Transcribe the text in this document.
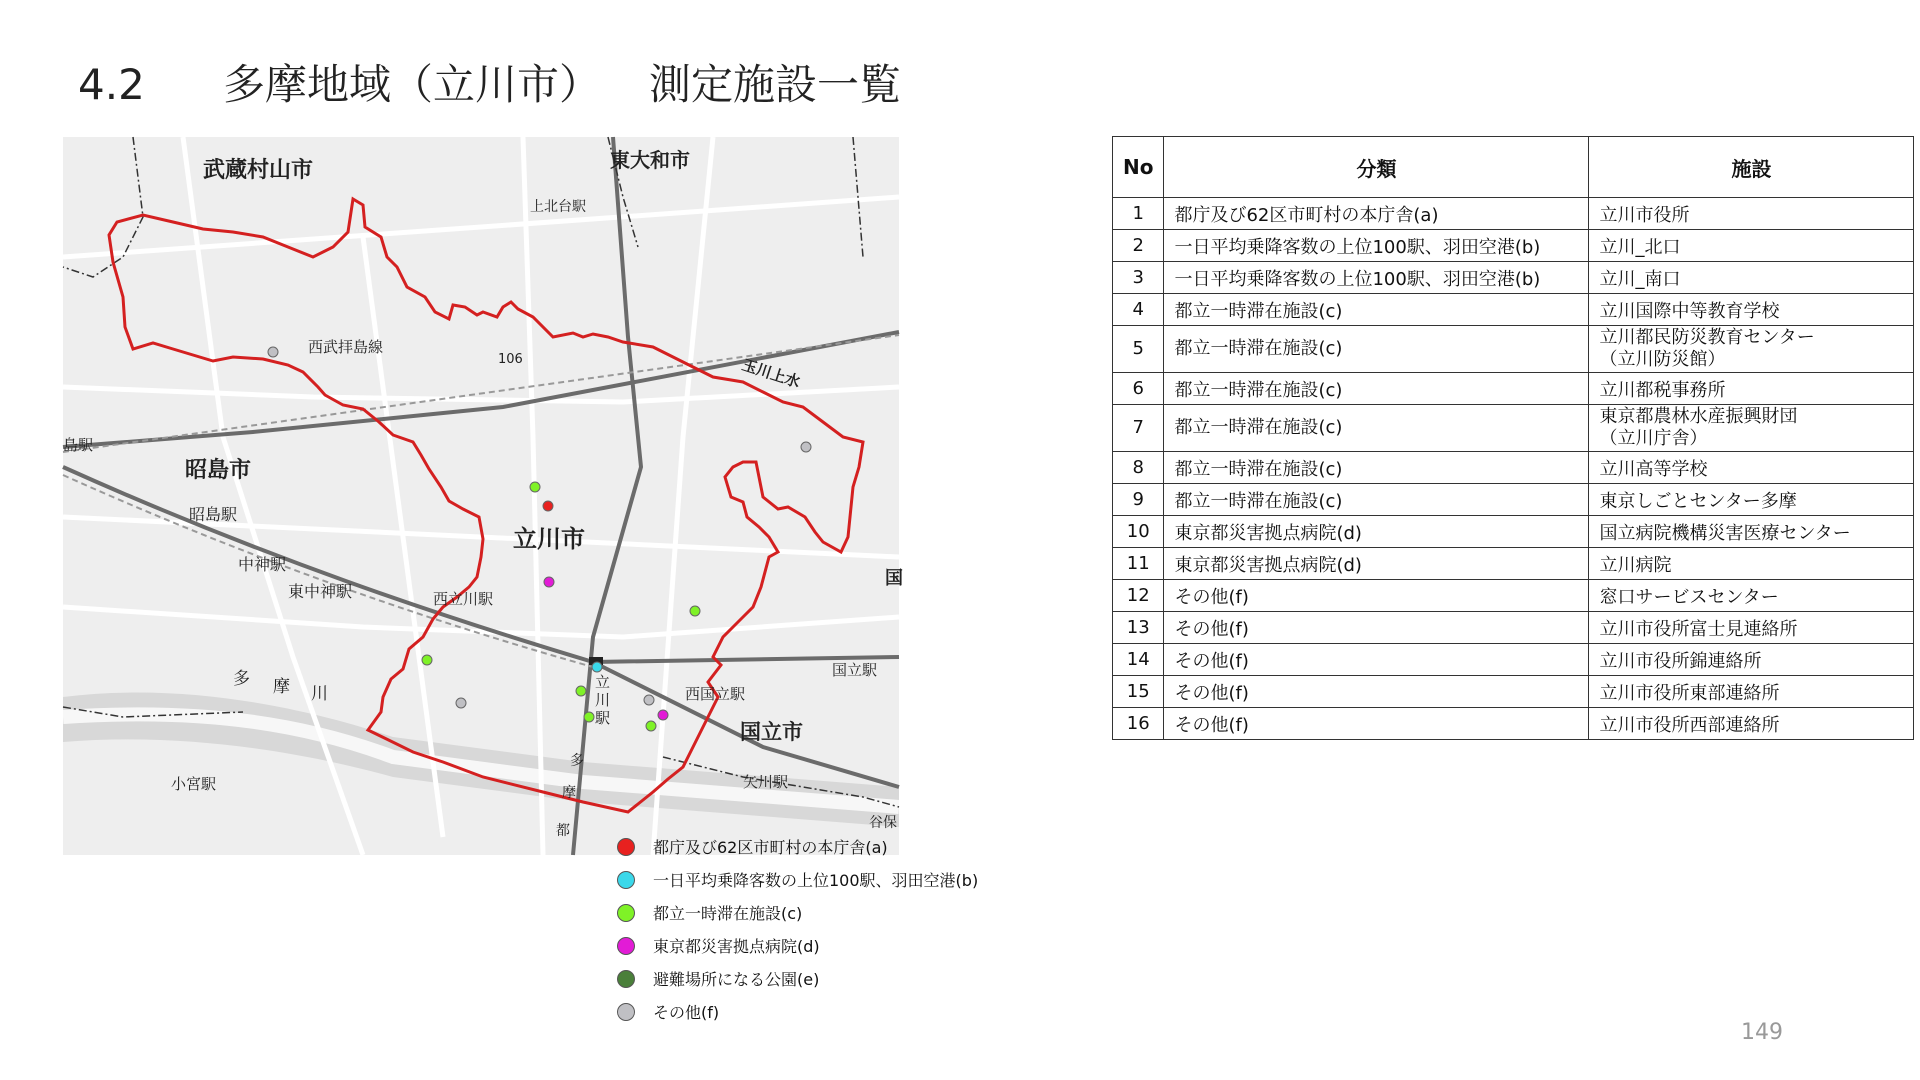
4.2 多摩地域（立川市） 測定施設一覧
武蔵村山市	東大和市
上北台駅
西武拝島線
106	玉川上水
昭島市
島駅
昭島駅
中神駅
東中神駅	西立川駅
立川市
多 摩 川
立
川
駅
西国立駅
国立駅
国立市
小宮駅	矢川駅
多
摩
都	谷保
国
都庁及び62区市町村の本庁舎(a)
一日平均乗降客数の上位100駅、羽田空港(b)
都立一時滞在施設(c)
東京都災害拠点病院(d)
避難場所になる公園(e)
その他(f)
No	分類	施設
1	都庁及び62区市町村の本庁舎(a)	立川市役所
2	一日平均乗降客数の上位100駅、羽田空港(b)	立川_北口
3	一日平均乗降客数の上位100駅、羽田空港(b)	立川_南口
4	都立一時滞在施設(c)	立川国際中等教育学校
5	都立一時滞在施設(c)	立川都民防災教育センター
（立川防災館）
6	都立一時滞在施設(c)	立川都税事務所
7	都立一時滞在施設(c)	東京都農林水産振興財団
（立川庁舎）
8	都立一時滞在施設(c)	立川高等学校
9	都立一時滞在施設(c)	東京しごとセンター多摩
10	東京都災害拠点病院(d)	国立病院機構災害医療センター
11	東京都災害拠点病院(d)	立川病院
12	その他(f)	窓口サービスセンター
13	その他(f)	立川市役所富士見連絡所
14	その他(f)	立川市役所錦連絡所
15	その他(f)	立川市役所東部連絡所
16	その他(f)	立川市役所西部連絡所
149
